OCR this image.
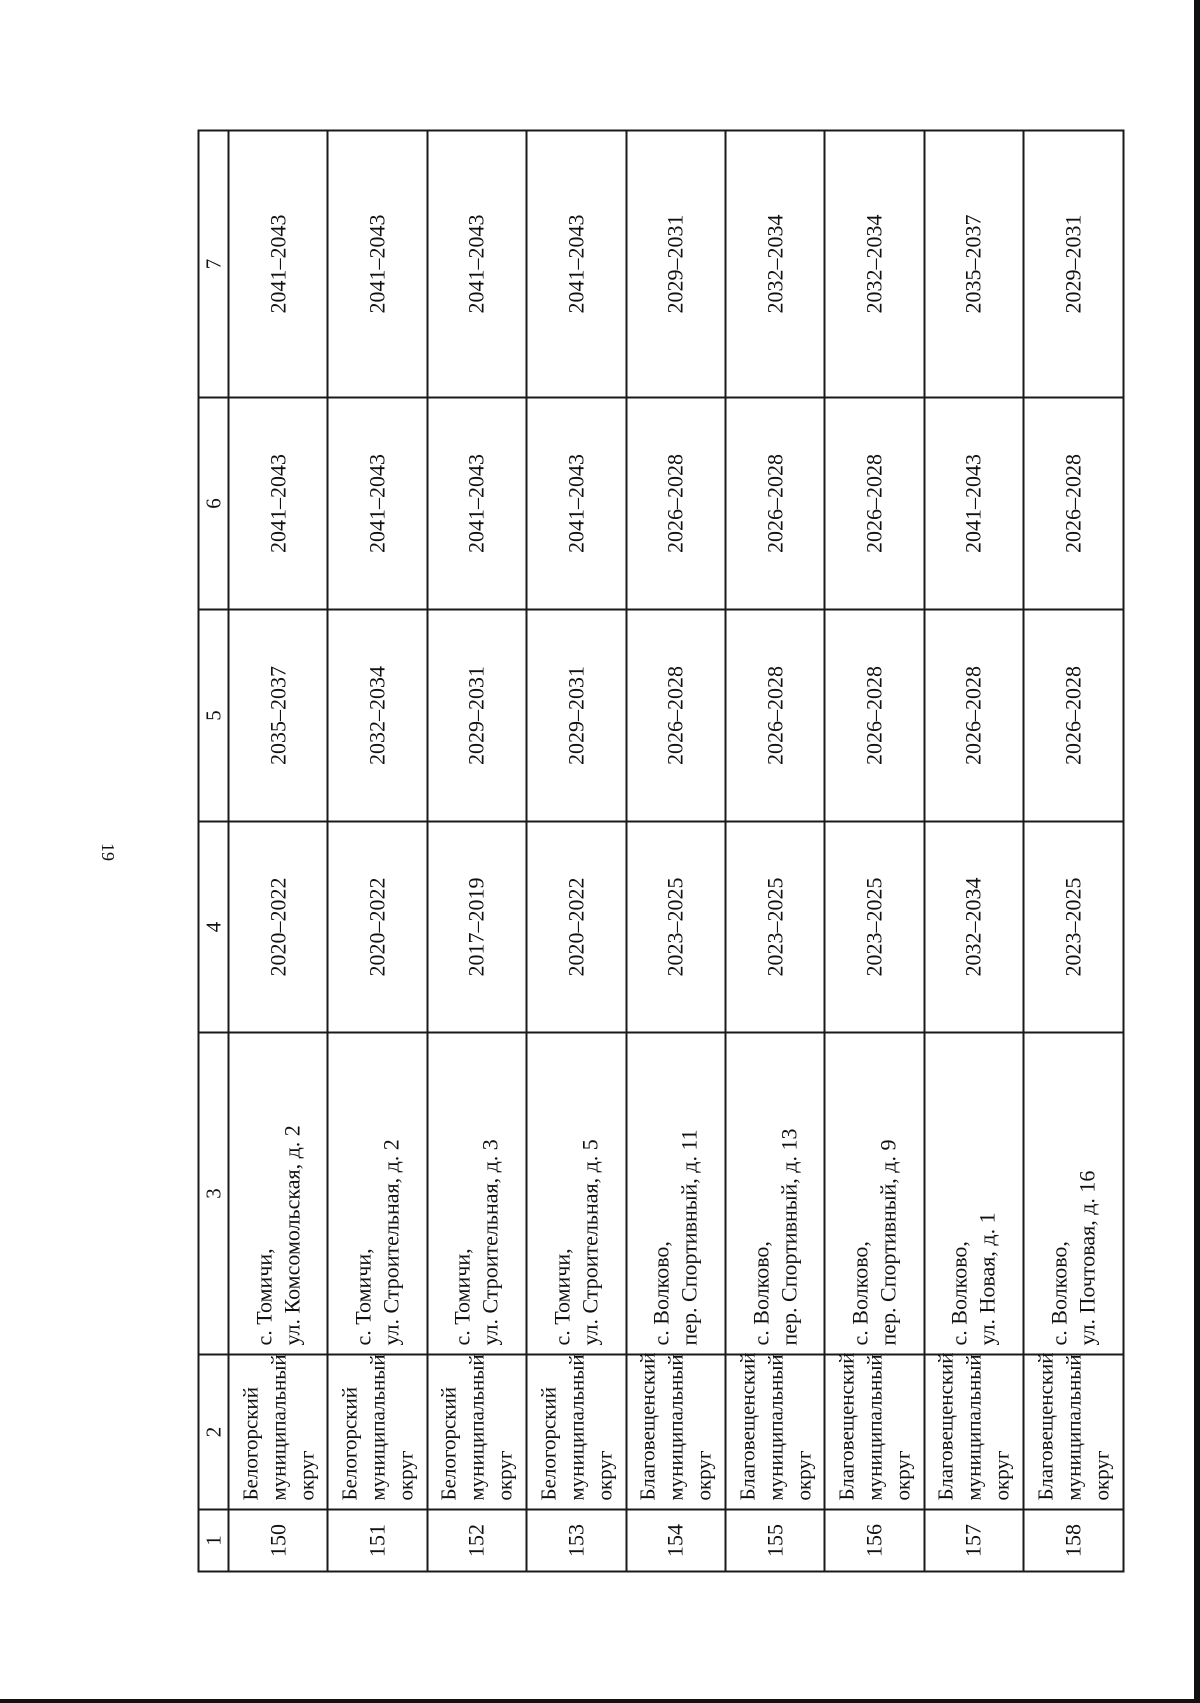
19
1	2	3	4	5	6	7
150	Белогорский муниципальный округ	с. Томичи, ул. Комсомольская, д. 2	2020–2022	2035–2037	2041–2043	2041–2043
151	Белогорский муниципальный округ	с. Томичи, ул. Строительная, д. 2	2020–2022	2032–2034	2041–2043	2041–2043
152	Белогорский муниципальный округ	с. Томичи, ул. Строительная, д. 3	2017–2019	2029–2031	2041–2043	2041–2043
153	Белогорский муниципальный округ	с. Томичи, ул. Строительная, д. 5	2020–2022	2029–2031	2041–2043	2041–2043
154	Благовещенский муниципальный округ	с. Волково, пер. Спортивный, д. 11	2023–2025	2026–2028	2026–2028	2029–2031
155	Благовещенский муниципальный округ	с. Волково, пер. Спортивный, д. 13	2023–2025	2026–2028	2026–2028	2032–2034
156	Благовещенский муниципальный округ	с. Волково, пер. Спортивный, д. 9	2023–2025	2026–2028	2026–2028	2032–2034
157	Благовещенский муниципальный округ	с. Волково, ул. Новая, д. 1	2032–2034	2026–2028	2041–2043	2035–2037
158	Благовещенский муниципальный округ	с. Волково, ул. Почтовая, д. 16	2023–2025	2026–2028	2026–2028	2029–2031
